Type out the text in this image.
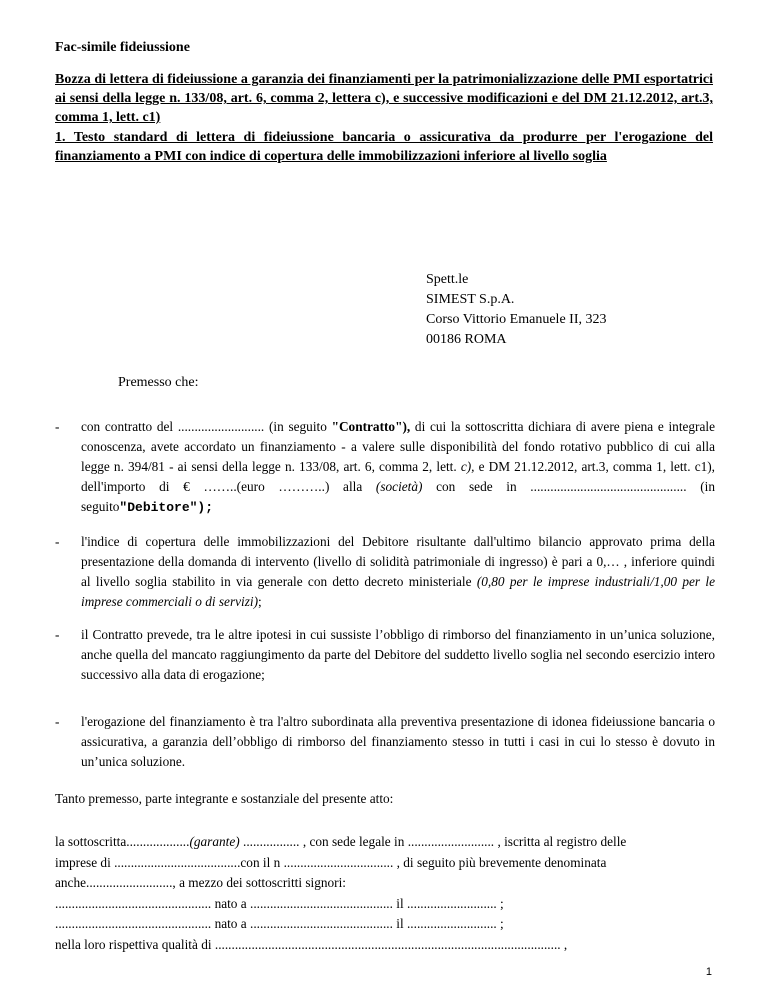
Fac-simile fideiussione
Bozza di lettera di fideiussione a garanzia dei finanziamenti per la patrimonializzazione delle PMI esportatrici ai sensi della legge n. 133/08, art. 6, comma 2, lettera c), e successive modificazioni e del DM 21.12.2012, art.3, comma 1, lett. c1)
1. Testo standard di lettera di fideiussione bancaria o assicurativa da produrre per l'erogazione del finanziamento a PMI con indice di copertura delle immobilizzazioni inferiore al livello soglia
Spett.le
SIMEST S.p.A.
Corso Vittorio Emanuele II, 323
00186 ROMA
Premesso che:
- con contratto del .......................... (in seguito "Contratto"), di cui la sottoscritta dichiara di avere piena e integrale conoscenza, avete accordato un finanziamento - a valere sulle disponibilità del fondo rotativo pubblico di cui alla legge n. 394/81 - ai sensi della legge n. 133/08, art. 6, comma 2, lett. c), e DM 21.12.2012, art.3, comma 1, lett. c1), dell'importo di € ……..(euro ………..) alla (società) con sede in ............................................... (in seguito"Debitore");
- l'indice di copertura delle immobilizzazioni del Debitore risultante dall'ultimo bilancio approvato prima della presentazione della domanda di intervento (livello di solidità patrimoniale di ingresso) è pari a 0,… , inferiore quindi al livello soglia stabilito in via generale con detto decreto ministeriale (0,80 per le imprese industriali/1,00 per le imprese commerciali o di servizi);
- il Contratto prevede, tra le altre ipotesi in cui sussiste l’obbligo di rimborso del finanziamento in un’unica soluzione, anche quella del mancato raggiungimento da parte del Debitore del suddetto livello soglia nel secondo esercizio intero successivo alla data di erogazione;
- l'erogazione del finanziamento è tra l'altro subordinata alla preventiva presentazione di idonea fideiussione bancaria o assicurativa, a garanzia dell’obbligo di rimborso del finanziamento stesso in tutti i casi in cui lo stesso è dovuto in un’unica soluzione.
Tanto premesso, parte integrante e sostanziale del presente atto:
la sottoscritta...................(garante) ................. , con sede legale in .......................... , iscritta al registro delle
imprese di ......................................con il n ................................. , di seguito più brevemente denominata
anche.........................., a mezzo dei sottoscritti signori:
............................................... nato a ........................................... il ........................... ;
............................................... nato a ........................................... il ........................... ;
nella loro rispettiva qualità di ........................................................................................................ ,
1
